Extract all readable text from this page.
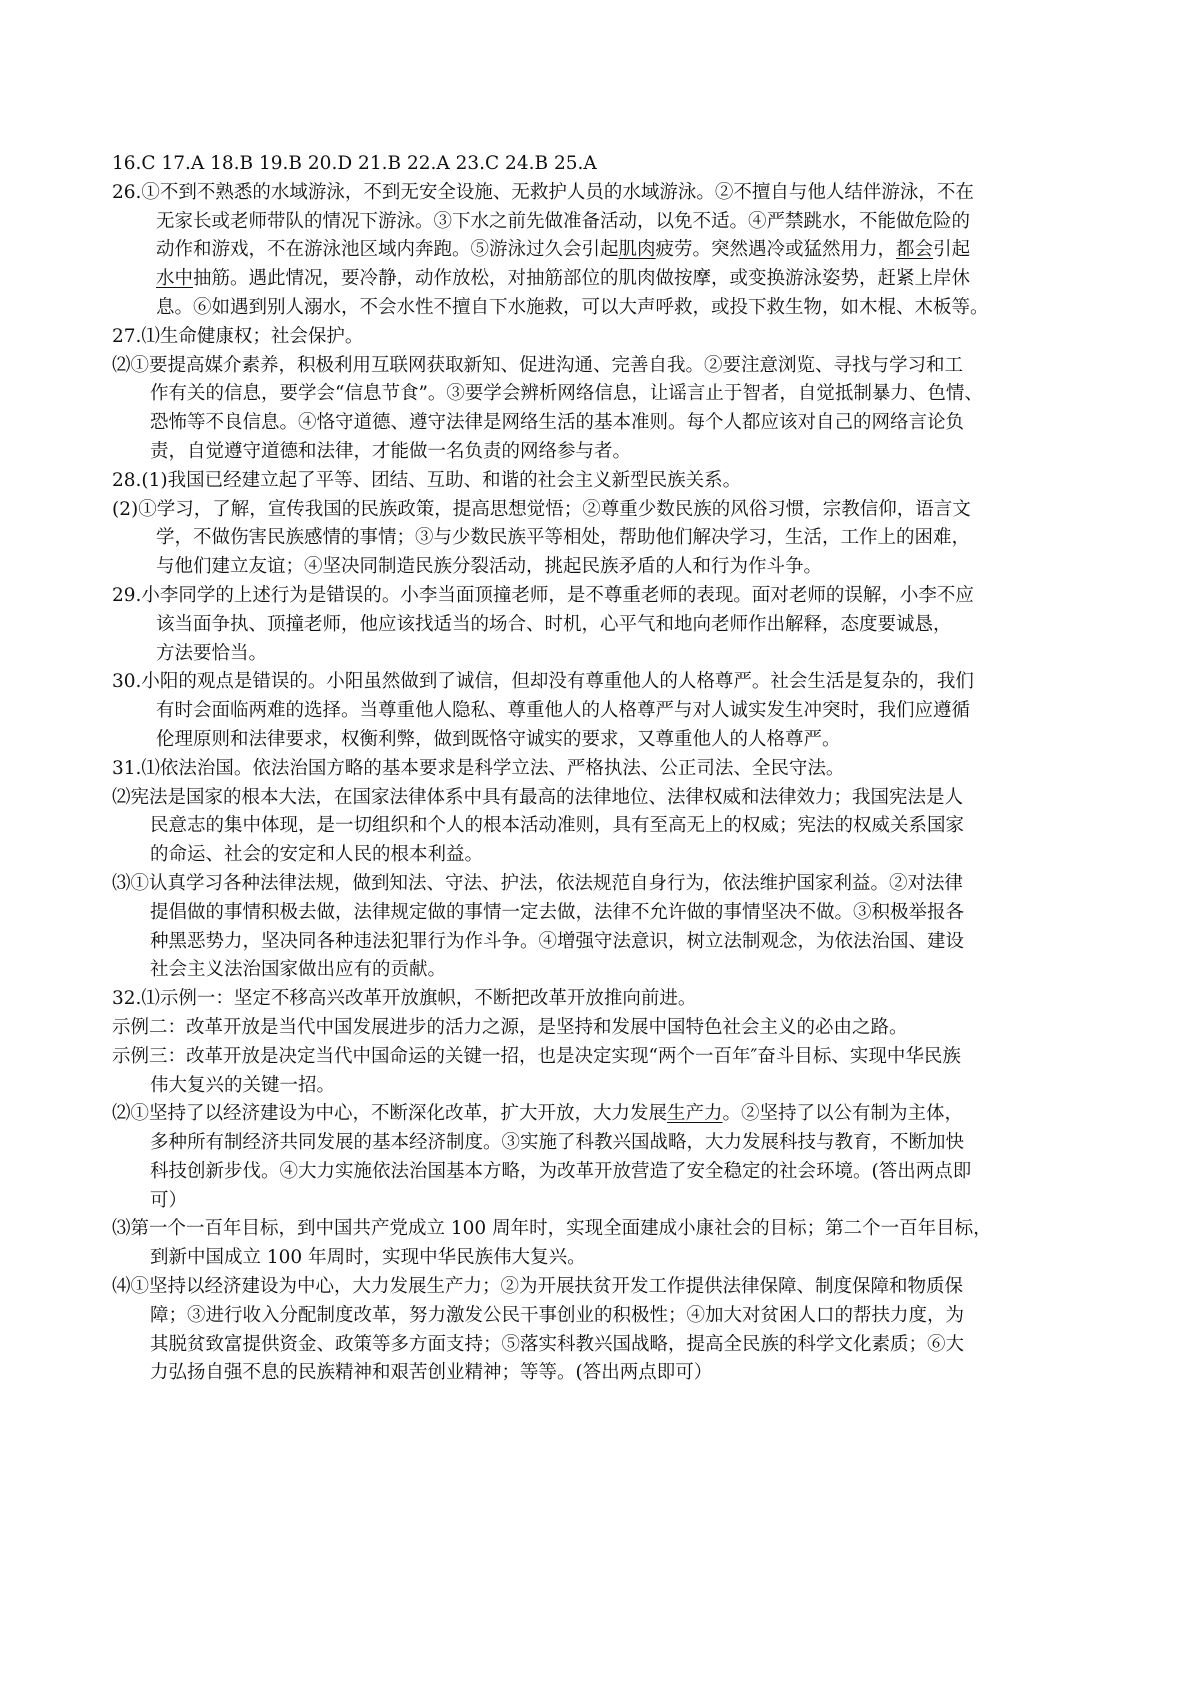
16.C 17.A 18.B 19.B 20.D 21.B 22.A 23.C 24.B 25.A
26.①不到不熟悉的水域游泳，不到无安全设施、无救护人员的水域游泳。②不擅自与他人结伴游泳，不在
无家长或老师带队的情况下游泳。③下水之前先做准备活动，以免不适。④严禁跳水，不能做危险的
动作和游戏，不在游泳池区域内奔跑。⑤游泳过久会引起肌肉疲劳。突然遇冷或猛然用力，都会引起
水中抽筋。遇此情况，要冷静，动作放松，对抽筋部位的肌肉做按摩，或变换游泳姿势，赶紧上岸休
息。⑥如遇到别人溺水，不会水性不擅自下水施救，可以大声呼救，或投下救生物，如木棍、木板等。
27.⑴生命健康权；社会保护。
⑵①要提高媒介素养，积极利用互联网获取新知、促进沟通、完善自我。②要注意浏览、寻找与学习和工
作有关的信息，要学会“信息节食”。③要学会辨析网络信息，让谣言止于智者，自觉抵制暴力、色情、
恐怖等不良信息。④恪守道德、遵守法律是网络生活的基本准则。每个人都应该对自己的网络言论负
责，自觉遵守道德和法律，才能做一名负责的网络参与者。
28.(1)我国已经建立起了平等、团结、互助、和谐的社会主义新型民族关系。
(2)①学习，了解，宣传我国的民族政策，提高思想觉悟；②尊重少数民族的风俗习惯，宗教信仰，语言文
学，不做伤害民族感情的事情；③与少数民族平等相处，帮助他们解决学习，生活，工作上的困难，
与他们建立友谊；④坚决同制造民族分裂活动，挑起民族矛盾的人和行为作斗争。
29.小李同学的上述行为是错误的。小李当面顶撞老师，是不尊重老师的表现。面对老师的误解，小李不应
该当面争执、顶撞老师，他应该找适当的场合、时机，心平气和地向老师作出解释，态度要诚恳，
方法要恰当。
30.小阳的观点是错误的。小阳虽然做到了诚信，但却没有尊重他人的人格尊严。社会生活是复杂的，我们
有时会面临两难的选择。当尊重他人隐私、尊重他人的人格尊严与对人诚实发生冲突时，我们应遵循
伦理原则和法律要求，权衡利弊，做到既恪守诚实的要求，又尊重他人的人格尊严。
31.⑴依法治国。依法治国方略的基本要求是科学立法、严格执法、公正司法、全民守法。
⑵宪法是国家的根本大法，在国家法律体系中具有最高的法律地位、法律权威和法律效力；我国宪法是人
民意志的集中体现，是一切组织和个人的根本活动准则，具有至高无上的权威；宪法的权威关系国家
的命运、社会的安定和人民的根本利益。
⑶①认真学习各种法律法规，做到知法、守法、护法，依法规范自身行为，依法维护国家利益。②对法律
提倡做的事情积极去做，法律规定做的事情一定去做，法律不允许做的事情坚决不做。③积极举报各
种黑恶势力，坚决同各种违法犯罪行为作斗争。④增强守法意识，树立法制观念，为依法治国、建设
社会主义法治国家做出应有的贡献。
32.⑴示例一：坚定不移高兴改革开放旗帜，不断把改革开放推向前进。
示例二：改革开放是当代中国发展进步的活力之源，是坚持和发展中国特色社会主义的必由之路。
示例三：改革开放是决定当代中国命运的关键一招，也是决定实现“两个一百年″奋斗目标、实现中华民族
伟大复兴的关键一招。
⑵①坚持了以经济建设为中心，不断深化改革，扩大开放，大力发展生产力。②坚持了以公有制为主体，
多种所有制经济共同发展的基本经济制度。③实施了科教兴国战略，大力发展科技与教育，不断加快
科技创新步伐。④大力实施依法治国基本方略，为改革开放营造了安全稳定的社会环境。(答出两点即
可）
⑶第一个一百年目标，到中国共产党成立 100 周年时，实现全面建成小康社会的目标；第二个一百年目标，
到新中国成立 100 年周时，实现中华民族伟大复兴。
⑷①坚持以经济建设为中心，大力发展生产力；②为开展扶贫开发工作提供法律保障、制度保障和物质保
障；③进行收入分配制度改革，努力激发公民干事创业的积极性；④加大对贫困人口的帮扶力度，为
其脱贫致富提供资金、政策等多方面支持；⑤落实科教兴国战略，提高全民族的科学文化素质；⑥大
力弘扬自强不息的民族精神和艰苦创业精神；等等。(答出两点即可）
